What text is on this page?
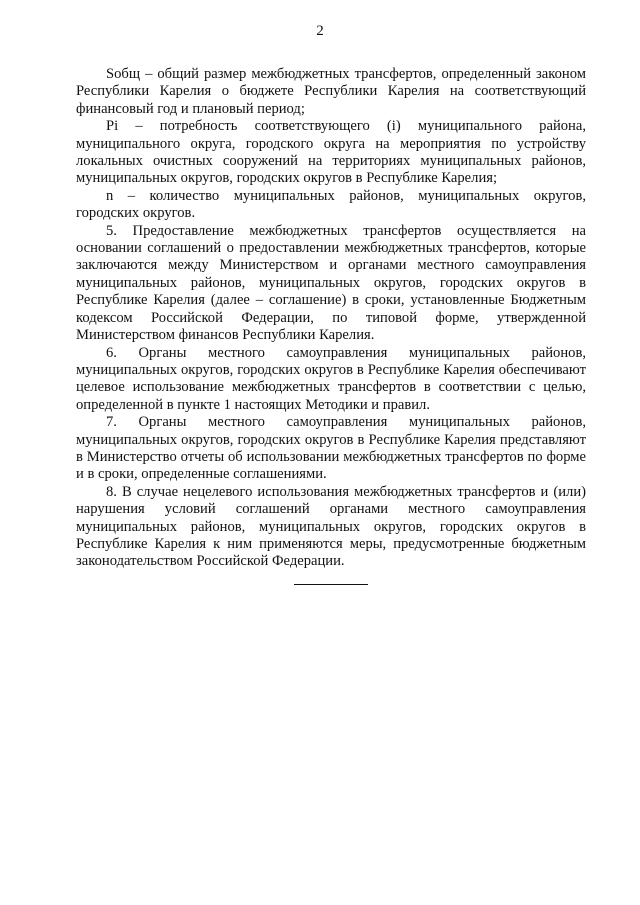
2

Sобщ – общий размер межбюджетных трансфертов, определенный законом Республики Карелия о бюджете Республики Карелия на соответствующий финансовый год и плановый период;

Pi – потребность соответствующего (i) муниципального района, муниципального округа, городского округа на мероприятия по устройству локальных очистных сооружений на территориях муниципальных районов, муниципальных округов, городских округов в Республике Карелия;

n – количество муниципальных районов, муниципальных округов, городских округов.

5. Предоставление межбюджетных трансфертов осуществляется на основании соглашений о предоставлении межбюджетных трансфертов, которые заключаются между Министерством и органами местного самоуправления муниципальных районов, муниципальных округов, городских округов в Республике Карелия (далее – соглашение) в сроки, установленные Бюджетным кодексом Российской Федерации, по типовой форме, утвержденной Министерством финансов Республики Карелия.

6. Органы местного самоуправления муниципальных районов, муниципальных округов, городских округов в Республике Карелия обеспечивают целевое использование межбюджетных трансфертов в соответствии с целью, определенной в пункте 1 настоящих Методики и правил.

7. Органы местного самоуправления муниципальных районов, муниципальных округов, городских округов в Республике Карелия представляют в Министерство отчеты об использовании межбюджетных трансфертов по форме и в сроки, определенные соглашениями.

8. В случае нецелевого использования межбюджетных трансфертов и (или) нарушения условий соглашений органами местного самоуправления муниципальных районов, муниципальных округов, городских округов в Республике Карелия к ним применяются меры, предусмотренные бюджетным законодательством Российской Федерации.
